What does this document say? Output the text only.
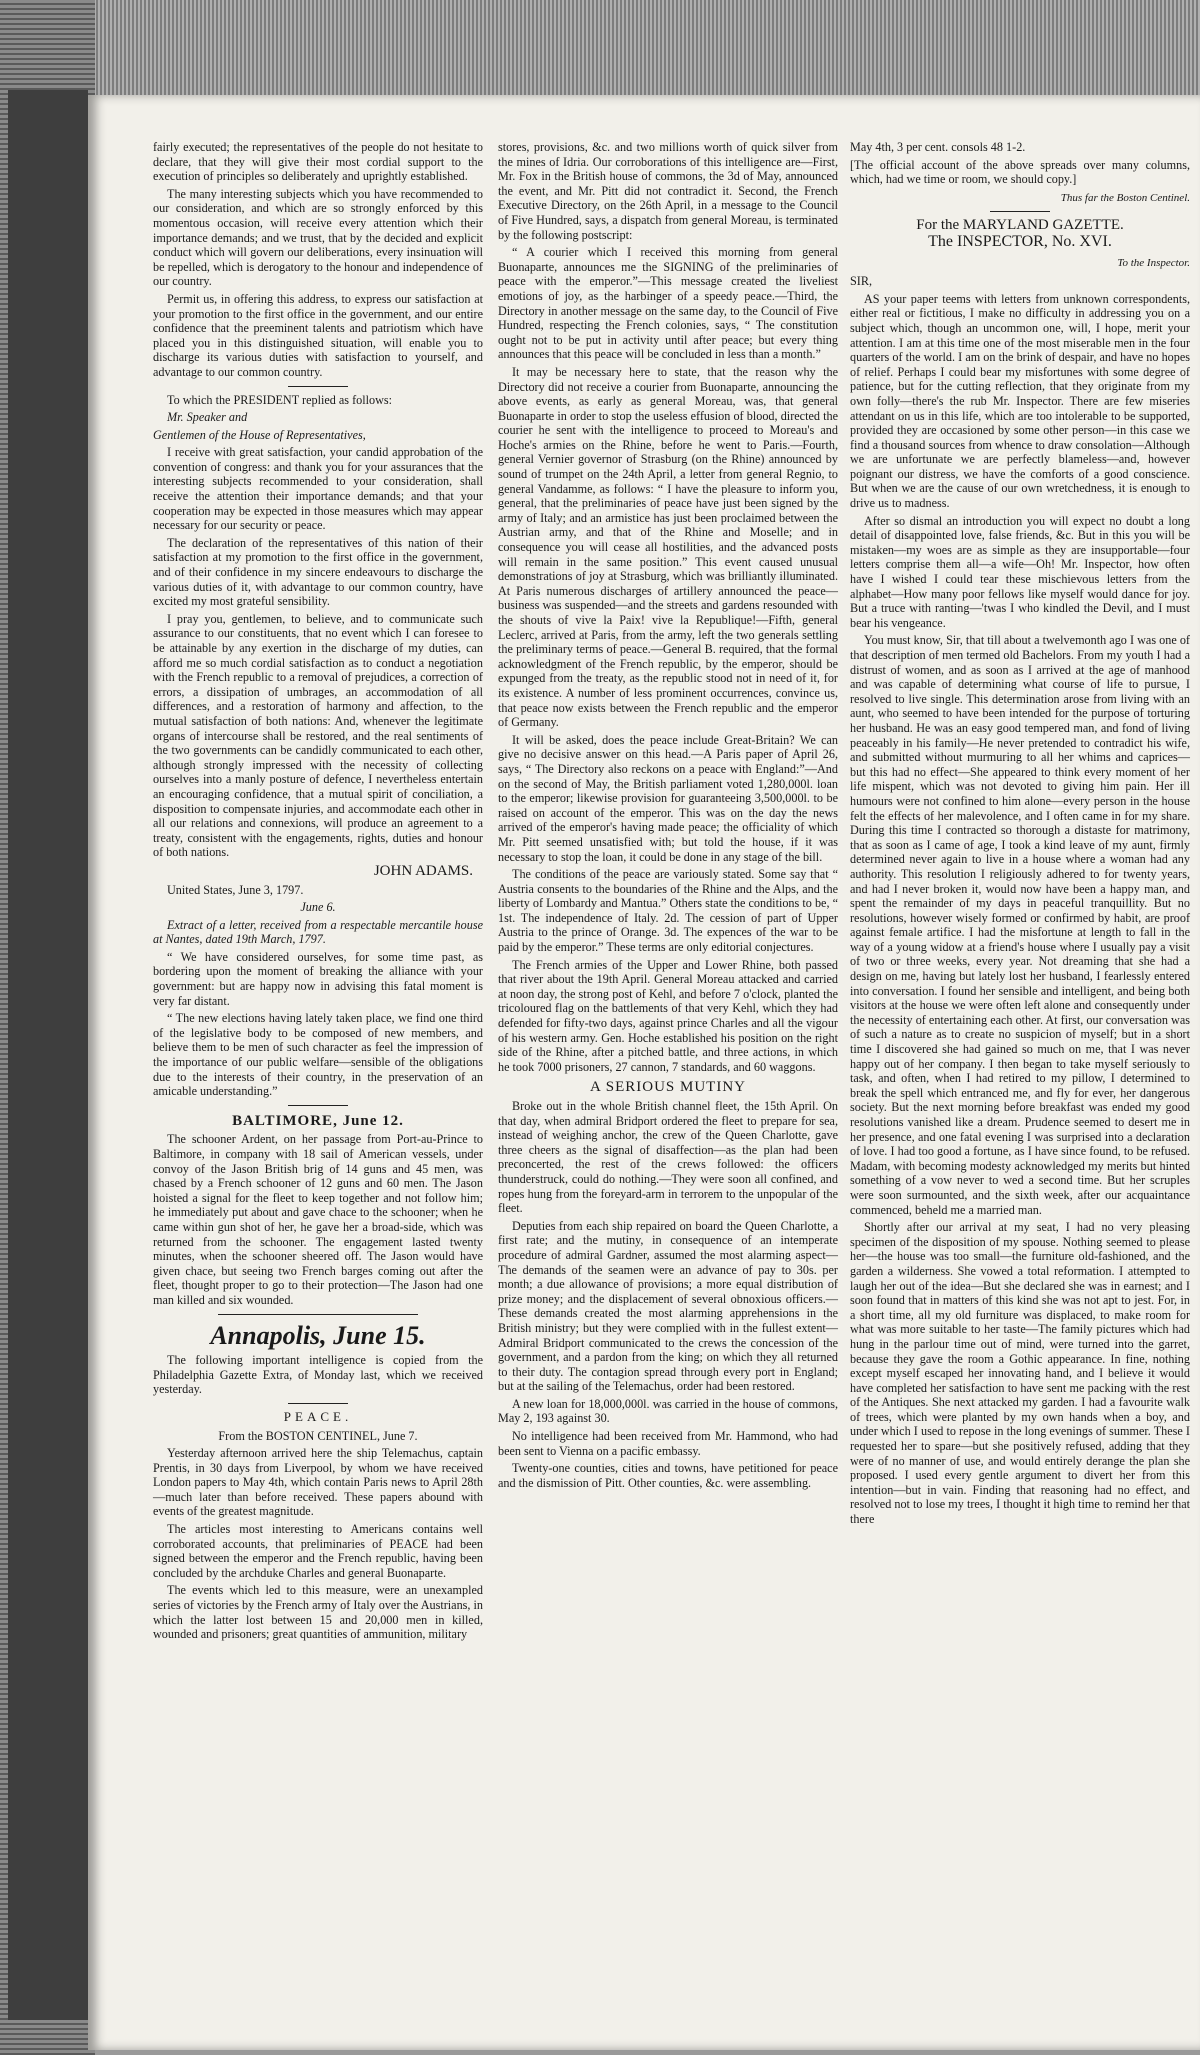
fairly executed; the representatives of the people do not hesitate to declare, that they will give their most cordial support to the execution of principles so deliberately and uprightly established.

The many interesting subjects which you have recommended to our consideration, and which are so strongly enforced by this momentous occasion, will receive every attention which their importance demands; and we trust, that by the decided and explicit conduct which will govern our deliberations, every insinuation will be repelled, which is derogatory to the honour and independence of our country.

Permit us, in offering this address, to express our satisfaction at your promotion to the first office in the government, and our entire confidence that the preeminent talents and patriotism which have placed you in this distinguished situation, will enable you to discharge its various duties with satisfaction to yourself, and advantage to our common country.

To which the PRESIDENT replied as follows:

Mr. Speaker and

Gentlemen of the House of Representatives,

I receive with great satisfaction, your candid approbation of the convention of congress: and thank you for your assurances that the interesting subjects recommended to your consideration, shall receive the attention their importance demands; and that your cooperation may be expected in those measures which may appear necessary for our security or peace.

The declaration of the representatives of this nation of their satisfaction at my promotion to the first office in the government, and of their confidence in my sincere endeavours to discharge the various duties of it, with advantage to our common country, have excited my most grateful sensibility.

I pray you, gentlemen, to believe, and to communicate such assurance to our constituents, that no event which I can foresee to be attainable by any exertion in the discharge of my duties, can afford me so much cordial satisfaction as to conduct a negotiation with the French republic to a removal of prejudices, a correction of errors, a dissipation of umbrages, an accommodation of all differences, and a restoration of harmony and affection, to the mutual satisfaction of both nations: And, whenever the legitimate organs of intercourse shall be restored, and the real sentiments of the two governments can be candidly communicated to each other, although strongly impressed with the necessity of collecting ourselves into a manly posture of defence, I nevertheless entertain an encouraging confidence, that a mutual spirit of conciliation, a disposition to compensate injuries, and accommodate each other in all our relations and connexions, will produce an agreement to a treaty, consistent with the engagements, rights, duties and honour of both nations.

JOHN ADAMS.

United States, June 3, 1797.

June 6.

Extract of a letter, received from a respectable mercantile house at Nantes, dated 19th March, 1797.

“ We have considered ourselves, for some time past, as bordering upon the moment of breaking the alliance with your government: but are happy now in advising this fatal moment is very far distant.

“ The new elections having lately taken place, we find one third of the legislative body to be composed of new members, and believe them to be men of such character as feel the impression of the importance of our public welfare—sensible of the obligations due to the interests of their country, in the preservation of an amicable understanding.”

BALTIMORE, June 12.

The schooner Ardent, on her passage from Port-au-Prince to Baltimore, in company with 18 sail of American vessels, under convoy of the Jason British brig of 14 guns and 45 men, was chased by a French schooner of 12 guns and 60 men. The Jason hoisted a signal for the fleet to keep together and not follow him; he immediately put about and gave chace to the schooner; when he came within gun shot of her, he gave her a broad-side, which was returned from the schooner. The engagement lasted twenty minutes, when the schooner sheered off. The Jason would have given chace, but seeing two French barges coming out after the fleet, thought proper to go to their protection—The Jason had one man killed and six wounded.

Annapolis, June 15.

The following important intelligence is copied from the Philadelphia Gazette Extra, of Monday last, which we received yesterday.

PEACE.

From the BOSTON CENTINEL, June 7.

Yesterday afternoon arrived here the ship Telemachus, captain Prentis, in 30 days from Liverpool, by whom we have received London papers to May 4th, which contain Paris news to April 28th—much later than before received. These papers abound with events of the greatest magnitude.

The articles most interesting to Americans contains well corroborated accounts, that preliminaries of PEACE had been signed between the emperor and the French republic, having been concluded by the archduke Charles and general Buonaparte.

The events which led to this measure, were an unexampled series of victories by the French army of Italy over the Austrians, in which the latter lost between 15 and 20,000 men in killed, wounded and prisoners; great quantities of ammunition, military

stores, provisions, &c. and two millions worth of quick silver from the mines of Idria. Our corroborations of this intelligence are—First, Mr. Fox in the British house of commons, the 3d of May, announced the event, and Mr. Pitt did not contradict it. Second, the French Executive Directory, on the 26th April, in a message to the Council of Five Hundred, says, a dispatch from general Moreau, is terminated by the following postscript:

“ A courier which I received this morning from general Buonaparte, announces me the SIGNING of the preliminaries of peace with the emperor.”—This message created the liveliest emotions of joy, as the harbinger of a speedy peace.—Third, the Directory in another message on the same day, to the Council of Five Hundred, respecting the French colonies, says, “ The constitution ought not to be put in activity until after peace; but every thing announces that this peace will be concluded in less than a month.”

It may be necessary here to state, that the reason why the Directory did not receive a courier from Buonaparte, announcing the above events, as early as general Moreau, was, that general Buonaparte in order to stop the useless effusion of blood, directed the courier he sent with the intelligence to proceed to Moreau's and Hoche's armies on the Rhine, before he went to Paris.—Fourth, general Vernier governor of Strasburg (on the Rhine) announced by sound of trumpet on the 24th April, a letter from general Regnio, to general Vandamme, as follows: “ I have the pleasure to inform you, general, that the preliminaries of peace have just been signed by the army of Italy; and an armistice has just been proclaimed between the Austrian army, and that of the Rhine and Moselle; and in consequence you will cease all hostilities, and the advanced posts will remain in the same position.” This event caused unusual demonstrations of joy at Strasburg, which was brilliantly illuminated. At Paris numerous discharges of artillery announced the peace—business was suspended—and the streets and gardens resounded with the shouts of vive la Paix! vive la Republique!—Fifth, general Leclerc, arrived at Paris, from the army, left the two generals settling the preliminary terms of peace.—General B. required, that the formal acknowledgment of the French republic, by the emperor, should be expunged from the treaty, as the republic stood not in need of it, for its existence. A number of less prominent occurrences, convince us, that peace now exists between the French republic and the emperor of Germany.

It will be asked, does the peace include Great-Britain? We can give no decisive answer on this head.—A Paris paper of April 26, says, “ The Directory also reckons on a peace with England:”—And on the second of May, the British parliament voted 1,280,000l. loan to the emperor; likewise provision for guaranteeing 3,500,000l. to be raised on account of the emperor. This was on the day the news arrived of the emperor's having made peace; the officiality of which Mr. Pitt seemed unsatisfied with; but told the house, if it was necessary to stop the loan, it could be done in any stage of the bill.

The conditions of the peace are variously stated. Some say that “ Austria consents to the boundaries of the Rhine and the Alps, and the liberty of Lombardy and Mantua.” Others state the conditions to be, “ 1st. The independence of Italy. 2d. The cession of part of Upper Austria to the prince of Orange. 3d. The expences of the war to be paid by the emperor.” These terms are only editorial conjectures.

The French armies of the Upper and Lower Rhine, both passed that river about the 19th April. General Moreau attacked and carried at noon day, the strong post of Kehl, and before 7 o'clock, planted the tricoloured flag on the battlements of that very Kehl, which they had defended for fifty-two days, against prince Charles and all the vigour of his western army. Gen. Hoche established his position on the right side of the Rhine, after a pitched battle, and three actions, in which he took 7000 prisoners, 27 cannon, 7 standards, and 60 waggons.

A SERIOUS MUTINY

Broke out in the whole British channel fleet, the 15th April. On that day, when admiral Bridport ordered the fleet to prepare for sea, instead of weighing anchor, the crew of the Queen Charlotte, gave three cheers as the signal of disaffection—as the plan had been preconcerted, the rest of the crews followed: the officers thunderstruck, could do nothing.—They were soon all confined, and ropes hung from the foreyard-arm in terrorem to the unpopular of the fleet.

Deputies from each ship repaired on board the Queen Charlotte, a first rate; and the mutiny, in consequence of an intemperate procedure of admiral Gardner, assumed the most alarming aspect—The demands of the seamen were an advance of pay to 30s. per month; a due allowance of provisions; a more equal distribution of prize money; and the displacement of several obnoxious officers.—These demands created the most alarming apprehensions in the British ministry; but they were complied with in the fullest extent—Admiral Bridport communicated to the crews the concession of the government, and a pardon from the king; on which they all returned to their duty. The contagion spread through every port in England; but at the sailing of the Telemachus, order had been restored.

A new loan for 18,000,000l. was carried in the house of commons, May 2, 193 against 30.

No intelligence had been received from Mr. Hammond, who had been sent to Vienna on a pacific embassy.

Twenty-one counties, cities and towns, have petitioned for peace and the dismission of Pitt. Other counties, &c. were assembling.

May 4th, 3 per cent. consols 48 1-2.

[The official account of the above spreads over many columns, which, had we time or room, we should copy.]

Thus far the Boston Centinel.

For the MARYLAND GAZETTE.

The INSPECTOR, No. XVI.

To the Inspector.

SIR,

AS your paper teems with letters from unknown correspondents, either real or fictitious, I make no difficulty in addressing you on a subject which, though an uncommon one, will, I hope, merit your attention. I am at this time one of the most miserable men in the four quarters of the world. I am on the brink of despair, and have no hopes of relief. Perhaps I could bear my misfortunes with some degree of patience, but for the cutting reflection, that they originate from my own folly—there's the rub Mr. Inspector. There are few miseries attendant on us in this life, which are too intolerable to be supported, provided they are occasioned by some other person—in this case we find a thousand sources from whence to draw consolation—Although we are unfortunate we are perfectly blameless—and, however poignant our distress, we have the comforts of a good conscience. But when we are the cause of our own wretchedness, it is enough to drive us to madness.

After so dismal an introduction you will expect no doubt a long detail of disappointed love, false friends, &c. But in this you will be mistaken—my woes are as simple as they are insupportable—four letters comprise them all—a wife—Oh! Mr. Inspector, how often have I wished I could tear these mischievous letters from the alphabet—How many poor fellows like myself would dance for joy. But a truce with ranting—'twas I who kindled the Devil, and I must bear his vengeance.

You must know, Sir, that till about a twelvemonth ago I was one of that description of men termed old Bachelors. From my youth I had a distrust of women, and as soon as I arrived at the age of manhood and was capable of determining what course of life to pursue, I resolved to live single. This determination arose from living with an aunt, who seemed to have been intended for the purpose of torturing her husband. He was an easy good tempered man, and fond of living peaceably in his family—He never pretended to contradict his wife, and submitted without murmuring to all her whims and caprices—but this had no effect—She appeared to think every moment of her life mispent, which was not devoted to giving him pain. Her ill humours were not confined to him alone—every person in the house felt the effects of her malevolence, and I often came in for my share. During this time I contracted so thorough a distaste for matrimony, that as soon as I came of age, I took a kind leave of my aunt, firmly determined never again to live in a house where a woman had any authority. This resolution I religiously adhered to for twenty years, and had I never broken it, would now have been a happy man, and spent the remainder of my days in peaceful tranquillity. But no resolutions, however wisely formed or confirmed by habit, are proof against female artifice. I had the misfortune at length to fall in the way of a young widow at a friend's house where I usually pay a visit of two or three weeks, every year. Not dreaming that she had a design on me, having but lately lost her husband, I fearlessly entered into conversation. I found her sensible and intelligent, and being both visitors at the house we were often left alone and consequently under the necessity of entertaining each other. At first, our conversation was of such a nature as to create no suspicion of myself; but in a short time I discovered she had gained so much on me, that I was never happy out of her company. I then began to take myself seriously to task, and often, when I had retired to my pillow, I determined to break the spell which entranced me, and fly for ever, her dangerous society. But the next morning before breakfast was ended my good resolutions vanished like a dream. Prudence seemed to desert me in her presence, and one fatal evening I was surprised into a declaration of love. I had too good a fortune, as I have since found, to be refused. Madam, with becoming modesty acknowledged my merits but hinted something of a vow never to wed a second time. But her scruples were soon surmounted, and the sixth week, after our acquaintance commenced, beheld me a married man.

Shortly after our arrival at my seat, I had no very pleasing specimen of the disposition of my spouse. Nothing seemed to please her—the house was too small—the furniture old-fashioned, and the garden a wilderness. She vowed a total reformation. I attempted to laugh her out of the idea—But she declared she was in earnest; and I soon found that in matters of this kind she was not apt to jest. For, in a short time, all my old furniture was displaced, to make room for what was more suitable to her taste—The family pictures which had hung in the parlour time out of mind, were turned into the garret, because they gave the room a Gothic appearance. In fine, nothing except myself escaped her innovating hand, and I believe it would have completed her satisfaction to have sent me packing with the rest of the Antiques. She next attacked my garden. I had a favourite walk of trees, which were planted by my own hands when a boy, and under which I used to repose in the long evenings of summer. These I requested her to spare—but she positively refused, adding that they were of no manner of use, and would entirely derange the plan she proposed. I used every gentle argument to divert her from this intention—but in vain. Finding that reasoning had no effect, and resolved not to lose my trees, I thought it high time to remind her that there
